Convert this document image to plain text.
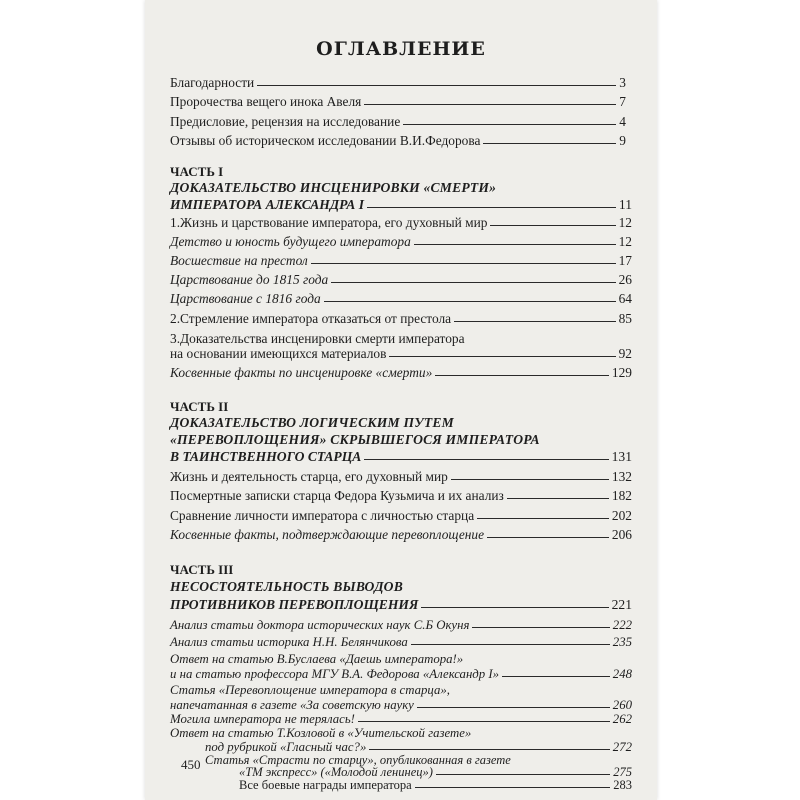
ОГЛАВЛЕНИЕ
Благодарности	3
Пророчества вещего инока Авеля	7
Предисловие, рецензия на исследование	4
Отзывы об историческом исследовании В.И.Федорова	9
ЧАСТЬ I
ДОКАЗАТЕЛЬСТВО ИНСЦЕНИРОВКИ «СМЕРТИ»
ИМПЕРАТОРА АЛЕКСАНДРА I	11
1.Жизнь и царствование императора, его духовный мир	12
Детство и юность будущего императора	12
Восшествие на престол	17
Царствование до 1815 года	26
Царствование с 1816 года	64
2.Стремление императора отказаться от престола	85
3.Доказательства инсценировки смерти императора
на основании имеющихся материалов	92
Косвенные факты по инсценировке «смерти»	129
ЧАСТЬ II
ДОКАЗАТЕЛЬСТВО ЛОГИЧЕСКИМ ПУТЕМ
«ПЕРЕВОПЛОЩЕНИЯ» СКРЫВШЕГОСЯ ИМПЕРАТОРА
В ТАИНСТВЕННОГО СТАРЦА	131
Жизнь и деятельность старца, его духовный мир	132
Посмертные записки старца Федора Кузьмича и их анализ	182
Сравнение личности императора с личностью старца	202
Косвенные факты, подтверждающие перевоплощение	206
ЧАСТЬ III
НЕСОСТОЯТЕЛЬНОСТЬ ВЫВОДОВ
ПРОТИВНИКОВ ПЕРЕВОПЛОЩЕНИЯ	221
Анализ статьи доктора исторических наук С.Б Окуня	222
Анализ статьи историка Н.Н. Белянчикова	235
Ответ на статью В.Буслаева «Даешь императора!»
и на статью профессора МГУ В.А. Федорова «Александр I»	248
Статья «Перевоплощение императора в старца»,
напечатанная в газете «За советскую науку	260
Могила императора не терялась!	262
Ответ на статью Т.Козловой в «Учительской газете»
под рубрикой «Гласный час?»	272
Статья «Страсти по старцу», опубликованная в газете
«ТМ экспресс» («Молодой ленинец»)	275
Все боевые награды императора	283
450
